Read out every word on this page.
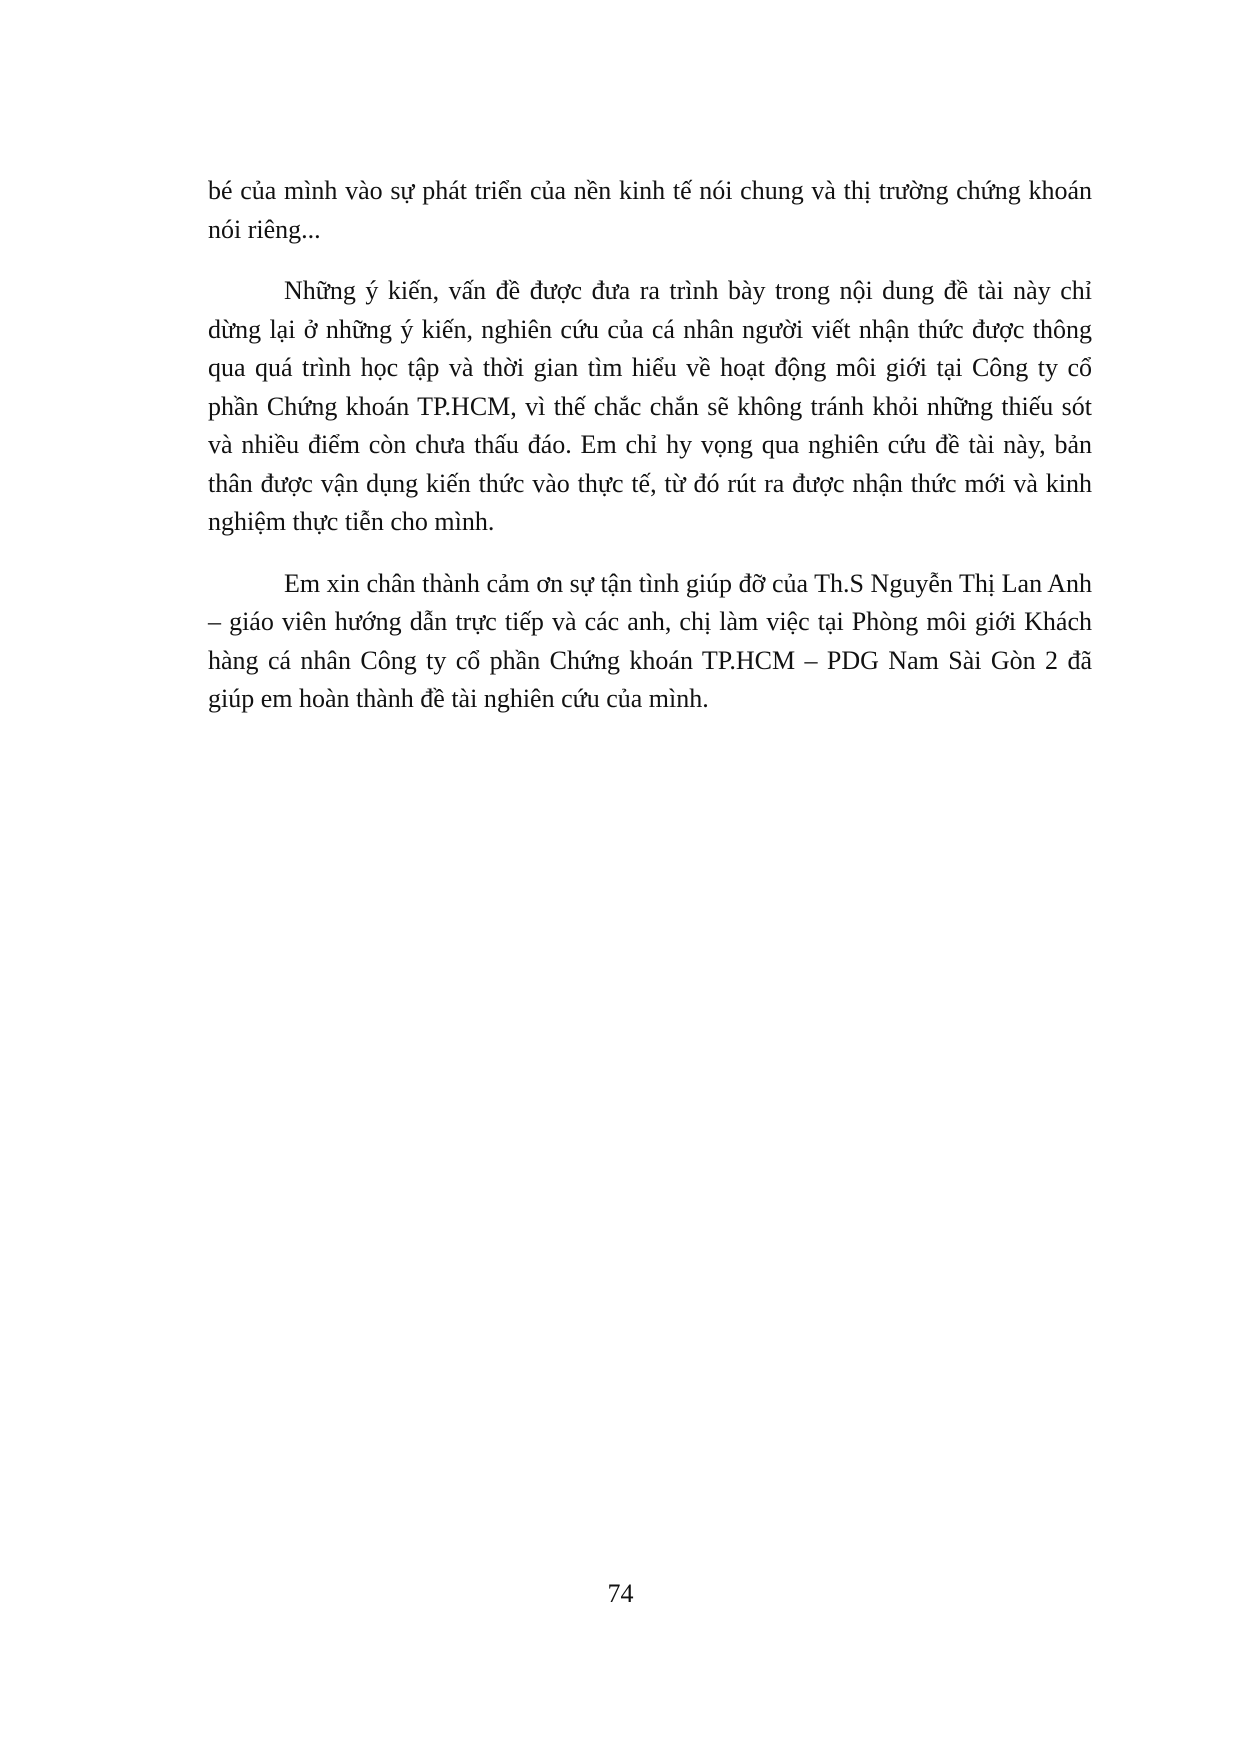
bé của mình vào sự phát triển của nền kinh tế nói chung và thị trường chứng khoán nói riêng...

Những ý kiến, vấn đề được đưa ra trình bày trong nội dung đề tài này chỉ dừng lại ở những ý kiến, nghiên cứu của cá nhân người viết nhận thức được thông qua quá trình học tập và thời gian tìm hiểu về hoạt động môi giới tại Công ty cổ phần Chứng khoán TP.HCM, vì thế chắc chắn sẽ không tránh khỏi những thiếu sót và nhiều điểm còn chưa thấu đáo. Em chỉ hy vọng qua nghiên cứu đề tài này, bản thân được vận dụng kiến thức vào thực tế, từ đó rút ra được nhận thức mới và kinh nghiệm thực tiễn cho mình.

Em xin chân thành cảm ơn sự tận tình giúp đỡ của Th.S Nguyễn Thị Lan Anh – giáo viên hướng dẫn trực tiếp và các anh, chị làm việc tại Phòng môi giới Khách hàng cá nhân Công ty cổ phần Chứng khoán TP.HCM – PDG Nam Sài Gòn 2 đã giúp em hoàn thành đề tài nghiên cứu của mình.

74
